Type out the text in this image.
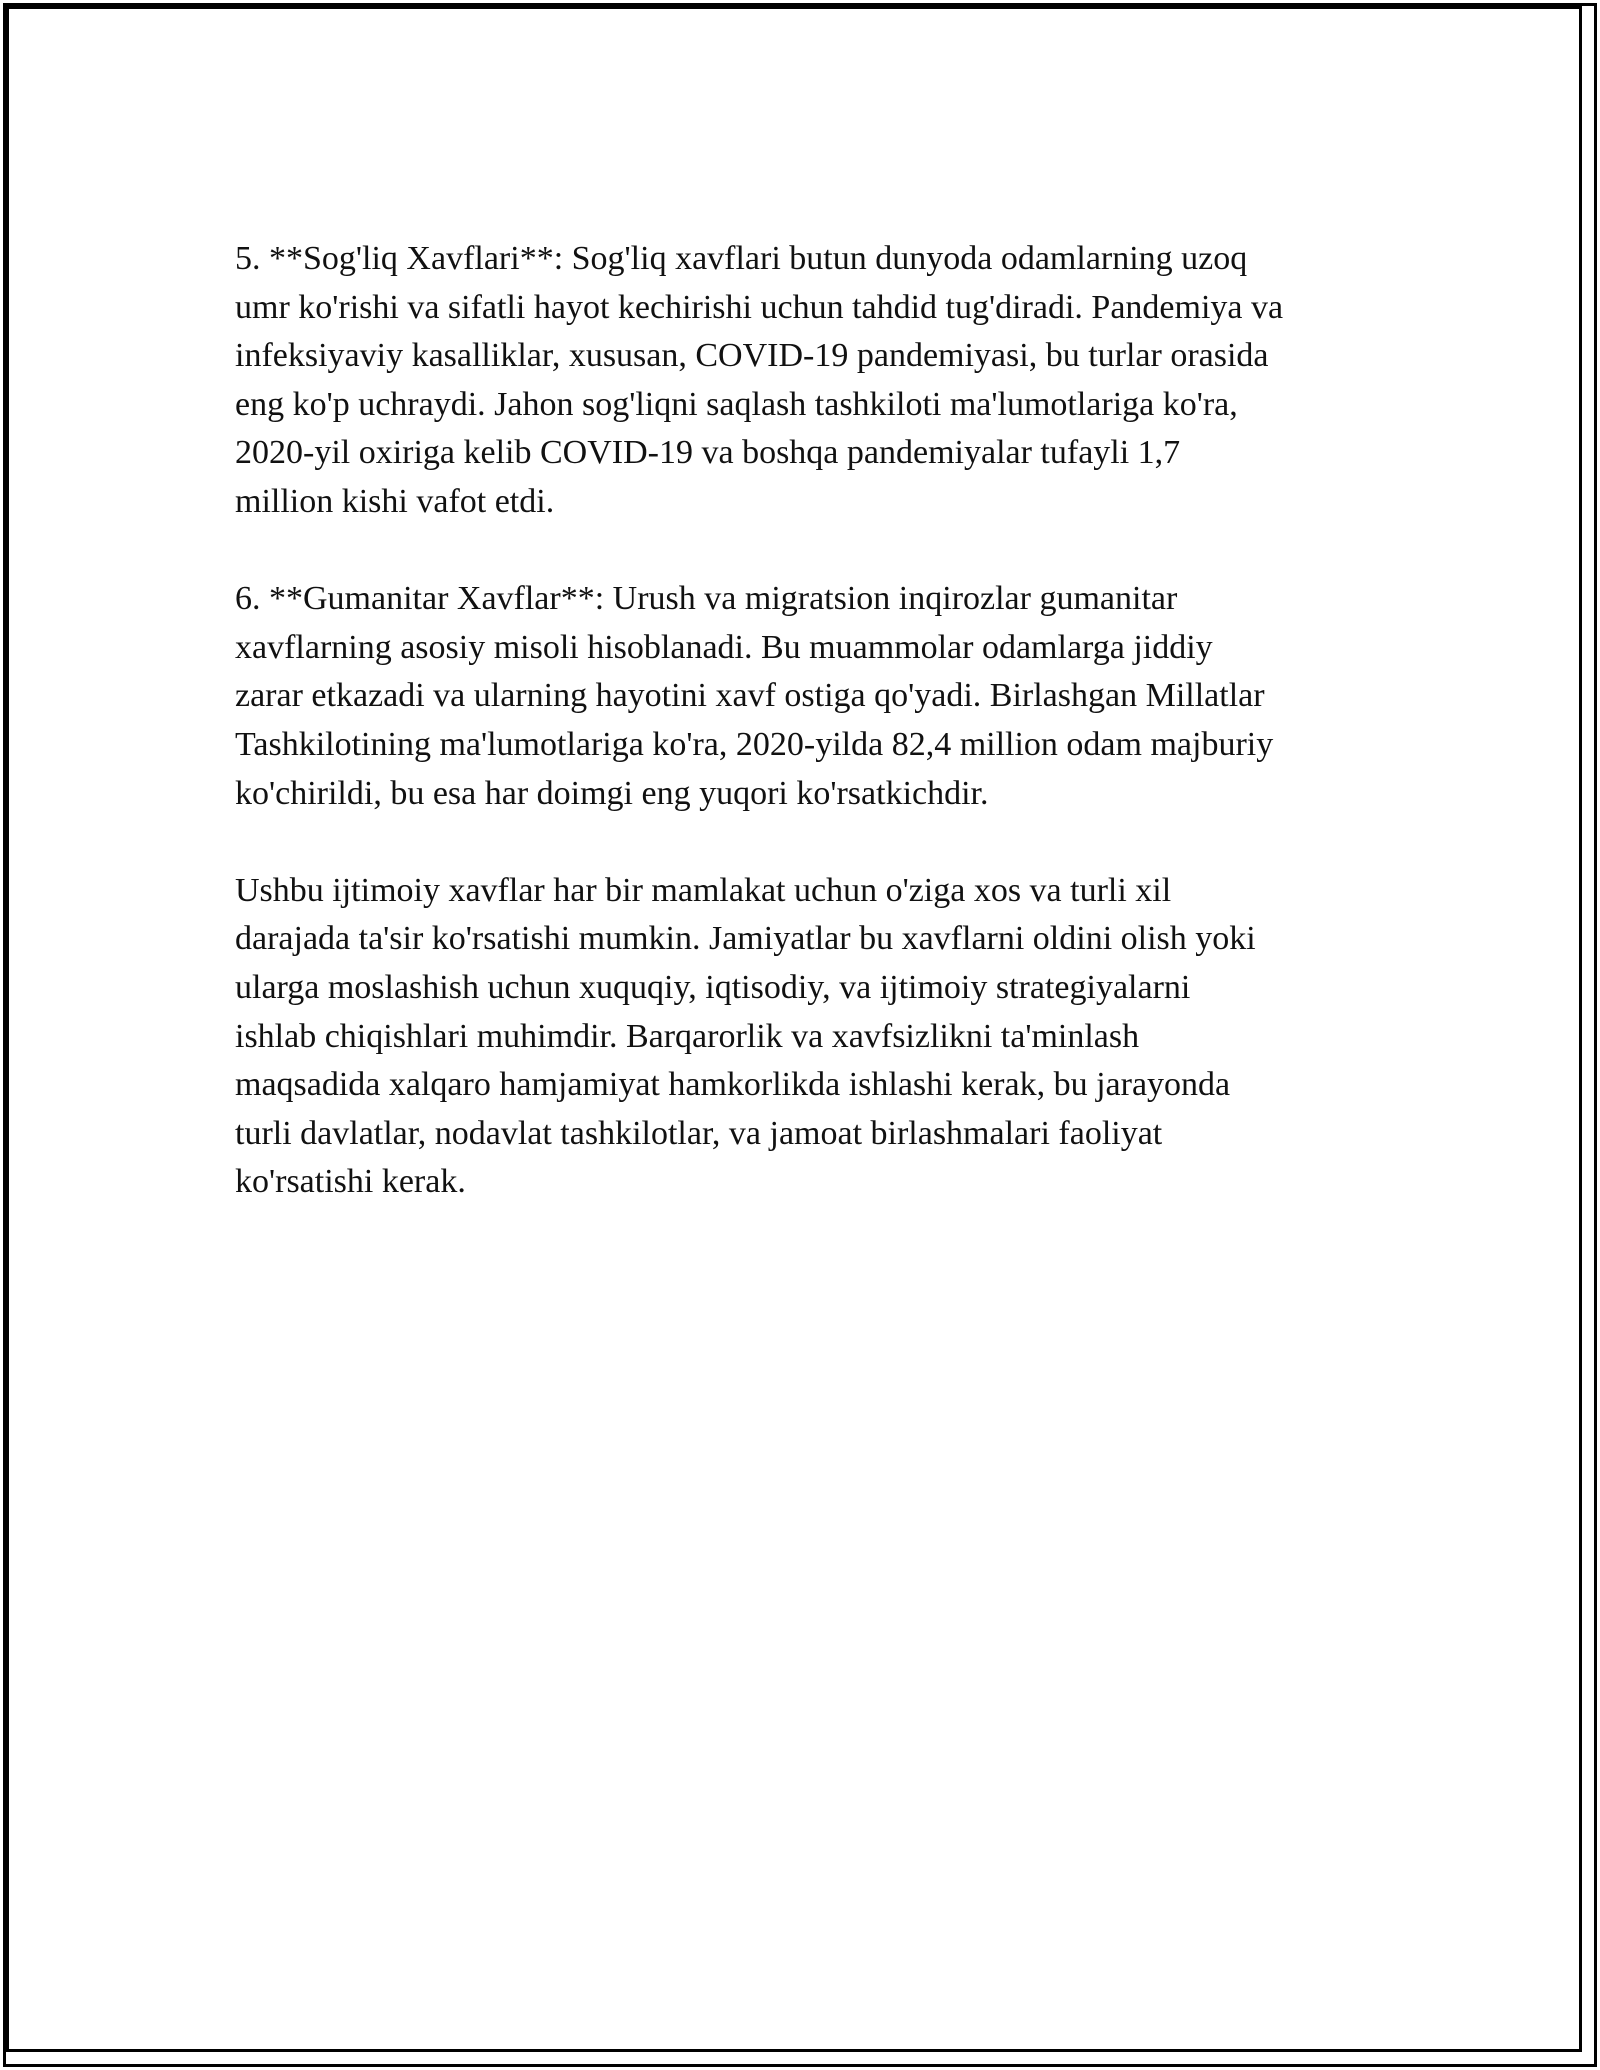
5. **Sog'liq Xavflari**: Sog'liq xavflari butun dunyoda odamlarning uzoq
umr ko'rishi va sifatli hayot kechirishi uchun tahdid tug'diradi. Pandemiya va
infeksiyaviy kasalliklar, xususan, COVID-19 pandemiyasi, bu turlar orasida
eng ko'p uchraydi. Jahon sog'liqni saqlash tashkiloti ma'lumotlariga ko'ra,
2020-yil oxiriga kelib COVID-19 va boshqa pandemiyalar tufayli 1,7
million kishi vafot etdi.

6. **Gumanitar Xavflar**: Urush va migratsion inqirozlar gumanitar
xavflarning asosiy misoli hisoblanadi. Bu muammolar odamlarga jiddiy
zarar etkazadi va ularning hayotini xavf ostiga qo'yadi. Birlashgan Millatlar
Tashkilotining ma'lumotlariga ko'ra, 2020-yilda 82,4 million odam majburiy
ko'chirildi, bu esa har doimgi eng yuqori ko'rsatkichdir.

Ushbu ijtimoiy xavflar har bir mamlakat uchun o'ziga xos va turli xil
darajada ta'sir ko'rsatishi mumkin. Jamiyatlar bu xavflarni oldini olish yoki
ularga moslashish uchun xuquqiy, iqtisodiy, va ijtimoiy strategiyalarni
ishlab chiqishlari muhimdir. Barqarorlik va xavfsizlikni ta'minlash
maqsadida xalqaro hamjamiyat hamkorlikda ishlashi kerak, bu jarayonda
turli davlatlar, nodavlat tashkilotlar, va jamoat birlashmalari faoliyat
ko'rsatishi kerak.
